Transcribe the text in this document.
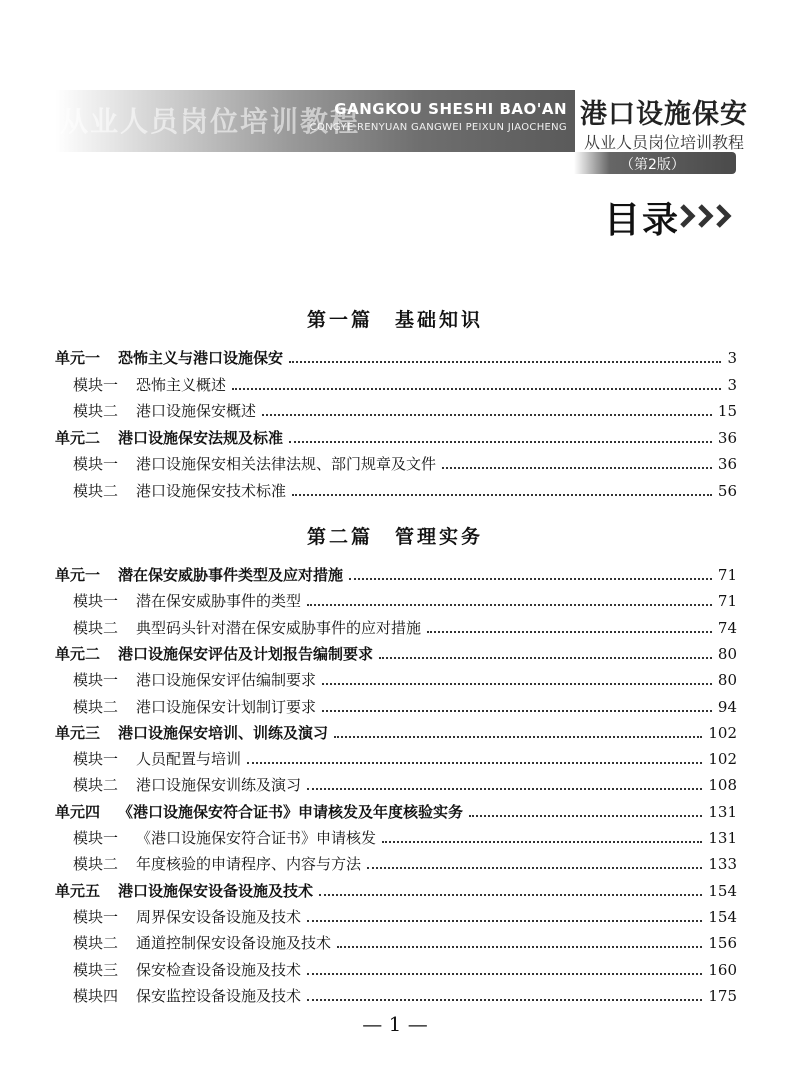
GANGKOU SHESHI BAO'AN
CONGYE RENYUAN GANGWEI PEIXUN JIAOCHENG
从业人员岗位培训教程	港口设施保安
从业人员岗位培训教程
（第2版）
目录
第一篇　基础知识
单元一 恐怖主义与港口设施保安	3
模块一 恐怖主义概述	3
模块二 港口设施保安概述	15
单元二 港口设施保安法规及标准	36
模块一 港口设施保安相关法律法规、部门规章及文件	36
模块二 港口设施保安技术标准	56
第二篇　管理实务
单元一 潜在保安威胁事件类型及应对措施	71
模块一 潜在保安威胁事件的类型	71
模块二 典型码头针对潜在保安威胁事件的应对措施	74
单元二 港口设施保安评估及计划报告编制要求	80
模块一 港口设施保安评估编制要求	80
模块二 港口设施保安计划制订要求	94
单元三 港口设施保安培训、训练及演习	102
模块一 人员配置与培训	102
模块二 港口设施保安训练及演习	108
单元四 《港口设施保安符合证书》申请核发及年度核验实务	131
模块一 《港口设施保安符合证书》申请核发	131
模块二 年度核验的申请程序、内容与方法	133
单元五 港口设施保安设备设施及技术	154
模块一 周界保安设备设施及技术	154
模块二 通道控制保安设备设施及技术	156
模块三 保安检查设备设施及技术	160
模块四 保安监控设备设施及技术	175
— 1 —
